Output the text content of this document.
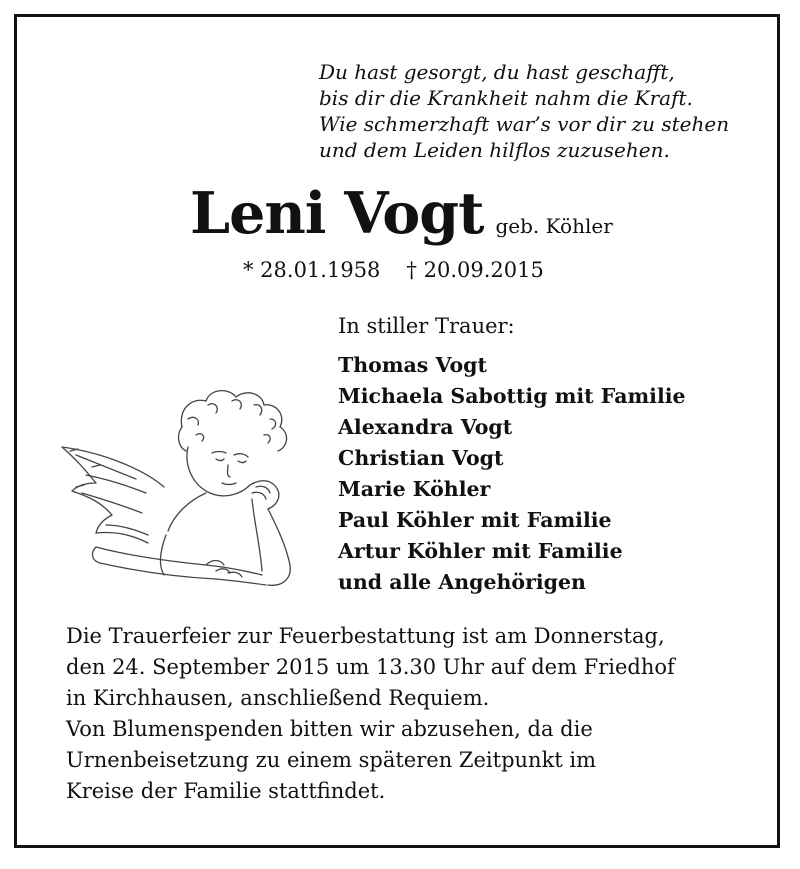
Du hast gesorgt, du hast geschafft,
bis dir die Krankheit nahm die Kraft.
Wie schmerzhaft war’s vor dir zu stehen
und dem Leiden hilflos zuzusehen.
Leni Vogt geb. Köhler
* 28.01.1958 † 20.09.2015
In stiller Trauer:
Thomas Vogt
Michaela Sabottig mit Familie
Alexandra Vogt
Christian Vogt
Marie Köhler
Paul Köhler mit Familie
Artur Köhler mit Familie
und alle Angehörigen
Die Trauerfeier zur Feuerbestattung ist am Donnerstag,
den 24. September 2015 um 13.30 Uhr auf dem Friedhof
in Kirchhausen, anschließend Requiem.
Von Blumenspenden bitten wir abzusehen, da die
Urnenbeisetzung zu einem späteren Zeitpunkt im
Kreise der Familie stattfindet.
